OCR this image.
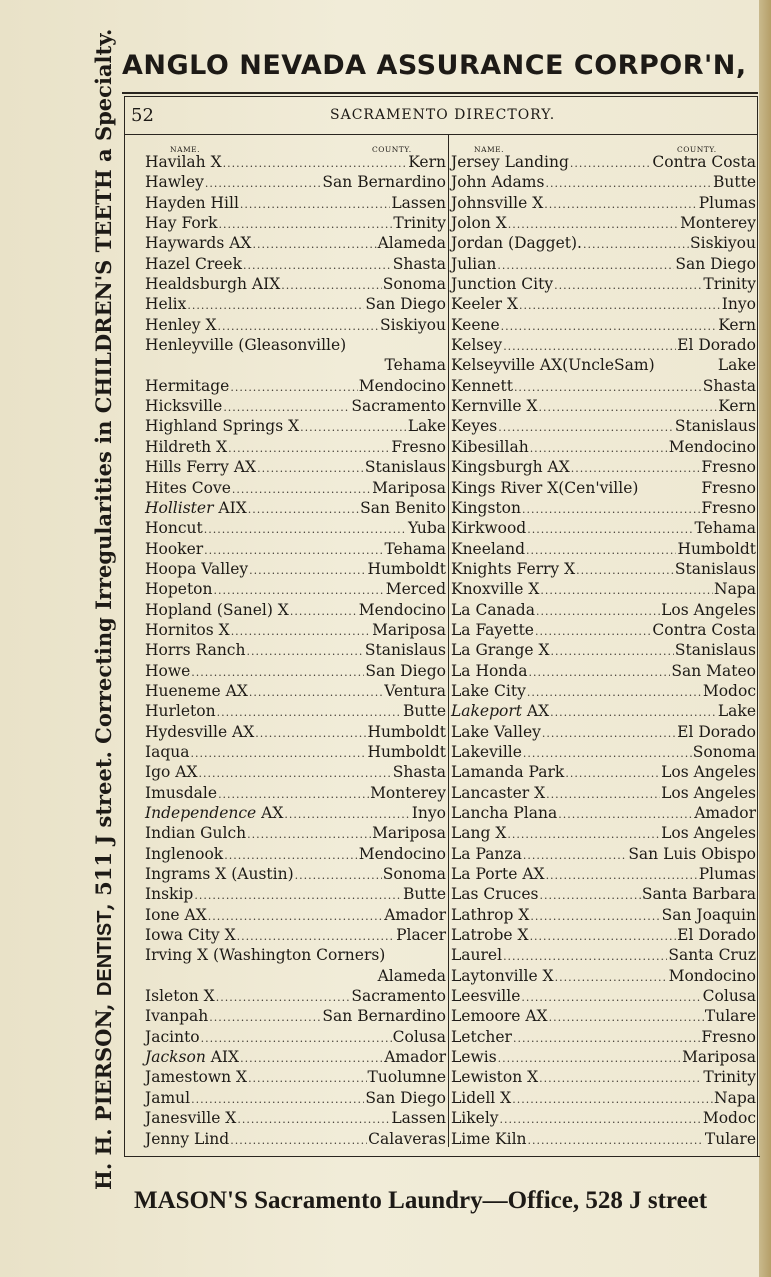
ANGLO NEVADA ASSURANCE CORPOR'N,
H. H. PIERSON, DENTIST, 511 J street. Correcting Irregularities in CHILDREN'S TEETH a Specialty. 52	SACRAMENTO DIRECTORY.
NAME.	COUNTY.	NAME.	COUNTY.
Havilah X .....	Kern
Hawley .....	San Bernardino
Hayden Hill .....	Lassen
Hay Fork .....	Trinity
Haywards AX .....	Alameda
Hazel Creek .....	Shasta
Healdsburgh AIX .....	Sonoma
Helix .....	San Diego
Henley X .....	Siskiyou
Henleyville (Gleasonville)
Tehama
Hermitage .....	Mendocino
Hicksville .....	Sacramento
Highland Springs X .....	Lake
Hildreth X .....	Fresno
Hills Ferry AX .....	Stanislaus
Hites Cove .....	Mariposa
Hollister AIX .....	San Benito
Honcut .....	Yuba
Hooker .....	Tehama
Hoopa Valley .....	Humboldt
Hopeton .....	Merced
Hopland (Sanel) X .....	Mendocino
Hornitos X .....	Mariposa
Horrs Ranch .....	Stanislaus
Howe .....	San Diego
Hueneme AX .....	Ventura
Hurleton .....	Butte
Hydesville AX .....	Humboldt
Iaqua .....	Humboldt
Igo AX .....	Shasta
Imusdale .....	Monterey
Independence AX .....	Inyo
Indian Gulch .....	Mariposa
Inglenook .....	Mendocino
Ingrams X (Austin) .....	Sonoma
Inskip .....	Butte
Ione AX .....	Amador
Iowa City X .....	Placer
Irving X (Washington Corners)
Alameda
Isleton X .....	Sacramento
Ivanpah .....	San Bernardino
Jacinto .....	Colusa
Jackson AIX .....	Amador
Jamestown X .....	Tuolumne
Jamul .....	San Diego
Janesville X .....	Lassen
Jenny Lind .....	Calaveras
Jersey Landing .....	Contra Costa
John Adams .....	Butte
Johnsville X .....	Plumas
Jolon X .....	Monterey
Jordan (Dagget). .....	Siskiyou
Julian .....	San Diego
Junction City .....	Trinity
Keeler X .....	Inyo
Keene .....	Kern
Kelsey .....	El Dorado
Kelseyville AX(UncleSam)	Lake
Kennett .....	Shasta
Kernville X .....	Kern
Keyes .....	Stanislaus
Kibesillah .....	Mendocino
Kingsburgh AX .....	Fresno
Kings River X(Cen'ville)	Fresno
Kingston .....	Fresno
Kirkwood .....	Tehama
Kneeland .....	Humboldt
Knights Ferry X .....	Stanislaus
Knoxville X .....	Napa
La Canada .....	Los Angeles
La Fayette .....	Contra Costa
La Grange X .....	Stanislaus
La Honda .....	San Mateo
Lake City .....	Modoc
Lakeport AX .....	Lake
Lake Valley .....	El Dorado
Lakeville .....	Sonoma
Lamanda Park .....	Los Angeles
Lancaster X .....	Los Angeles
Lancha Plana .....	Amador
Lang X .....	Los Angeles
La Panza .....	San Luis Obispo
La Porte AX .....	Plumas
Las Cruces .....	Santa Barbara
Lathrop X .....	San Joaquin
Latrobe X .....	El Dorado
Laurel .....	Santa Cruz
Laytonville X .....	Mondocino
Leesville .....	Colusa
Lemoore AX .....	Tulare
Letcher .....	Fresno
Lewis .....	Mariposa
Lewiston X .....	Trinity
Lidell X .....	Napa
Likely .....	Modoc
Lime Kiln .....	Tulare
MASON'S Sacramento Laundry—Office, 528 J street
